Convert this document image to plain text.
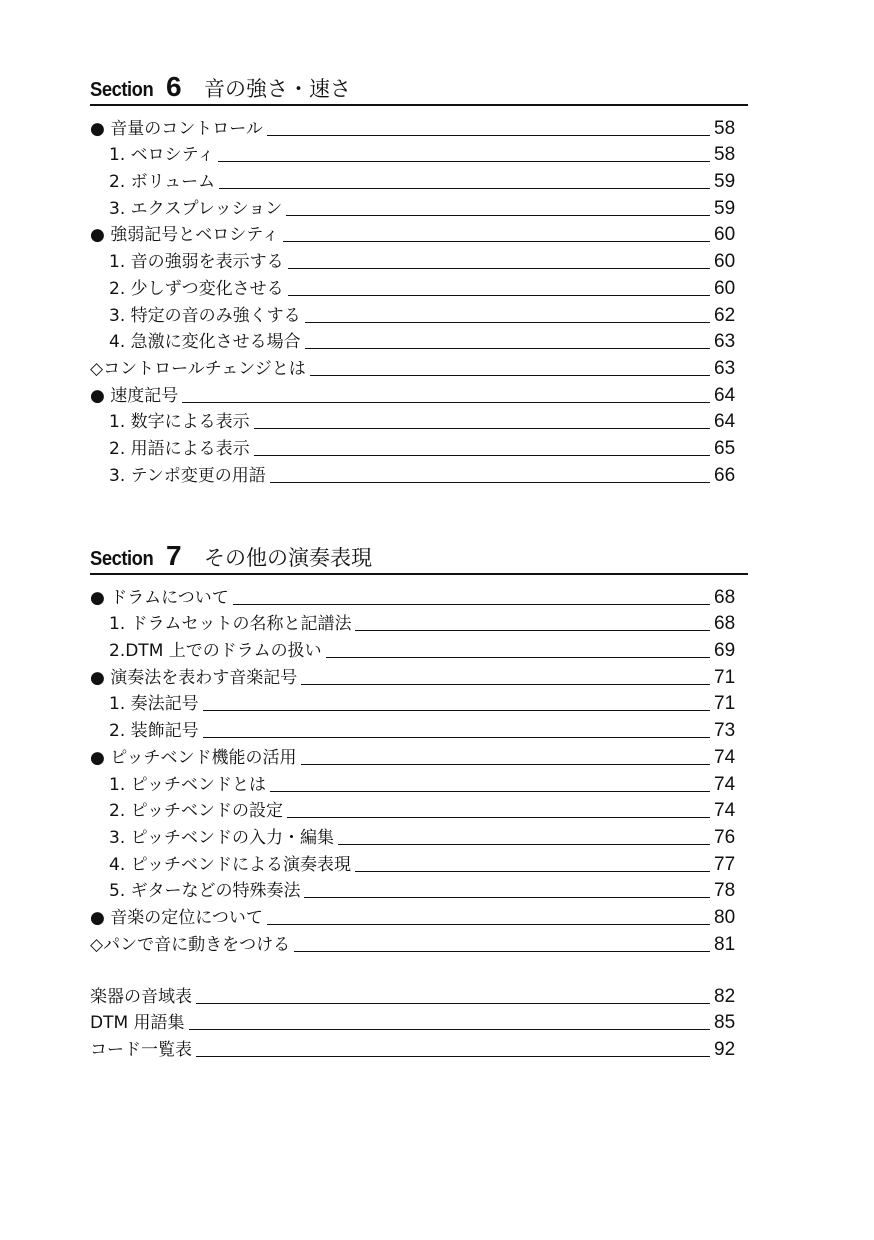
Section 6 音の強さ・速さ
● 音量のコントロール	58
1. ベロシティ	58
2. ボリューム	59
3. エクスプレッション	59
● 強弱記号とベロシティ	60
1. 音の強弱を表示する	60
2. 少しずつ変化させる	60
3. 特定の音のみ強くする	62
4. 急激に変化させる場合	63
◇コントロールチェンジとは	63
● 速度記号	64
1. 数字による表示	64
2. 用語による表示	65
3. テンポ変更の用語	66
Section 7 その他の演奏表現
● ドラムについて	68
1. ドラムセットの名称と記譜法	68
2.DTM 上でのドラムの扱い	69
● 演奏法を表わす音楽記号	71
1. 奏法記号	71
2. 装飾記号	73
● ピッチベンド機能の活用	74
1. ピッチベンドとは	74
2. ピッチベンドの設定	74
3. ピッチベンドの入力・編集	76
4. ピッチベンドによる演奏表現	77
5. ギターなどの特殊奏法	78
● 音楽の定位について	80
◇パンで音に動きをつける	81
楽器の音域表	82
DTM 用語集	85
コード一覧表	92
